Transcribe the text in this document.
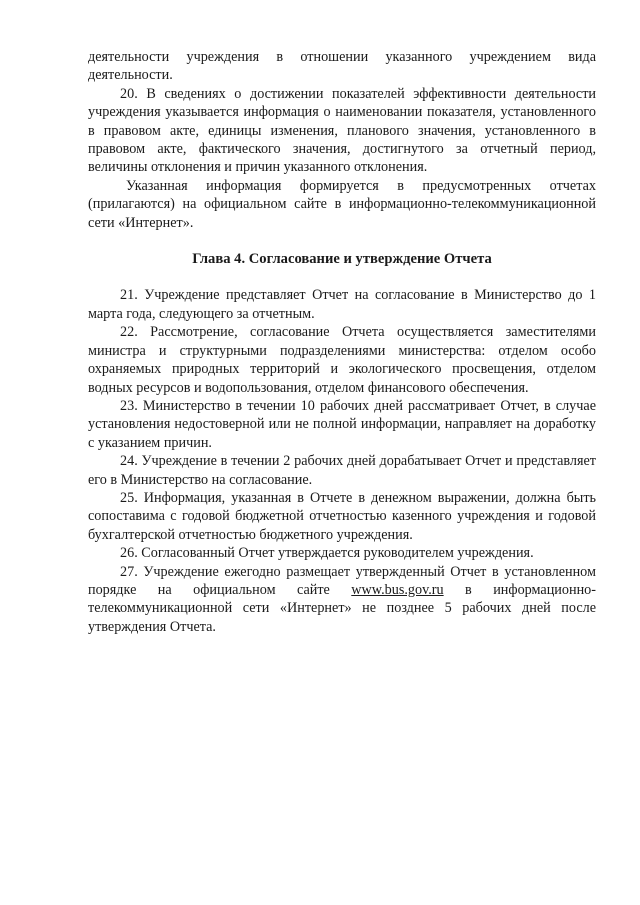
деятельности учреждения в отношении указанного учреждением вида деятельности.

20. В сведениях о достижении показателей эффективности деятельности учреждения указывается информация о наименовании показателя, установленного в правовом акте, единицы изменения, планового значения, установленного в правовом акте, фактического значения, достигнутого за отчетный период, величины отклонения и причин указанного отклонения.

Указанная информация формируется в предусмотренных отчетах (прилагаются) на официальном сайте в информационно-телекоммуникационной сети «Интернет».

Глава 4. Согласование и утверждение Отчета

21. Учреждение представляет Отчет на согласование в Министерство до 1 марта года, следующего за отчетным.

22. Рассмотрение, согласование Отчета осуществляется заместителями министра и структурными подразделениями министерства: отделом особо охраняемых природных территорий и экологического просвещения, отделом водных ресурсов и водопользования, отделом финансового обеспечения.

23. Министерство в течении 10 рабочих дней рассматривает Отчет, в случае установления недостоверной или не полной информации, направляет на доработку с указанием причин.

24. Учреждение в течении 2 рабочих дней дорабатывает Отчет и представляет его в Министерство на согласование.

25. Информация, указанная в Отчете в денежном выражении, должна быть сопоставима с годовой бюджетной отчетностью казенного учреждения и годовой бухгалтерской отчетностью бюджетного учреждения.

26. Согласованный Отчет утверждается руководителем учреждения.

27. Учреждение ежегодно размещает утвержденный Отчет в установленном порядке на официальном сайте www.bus.gov.ru в информационно-телекоммуникационной сети «Интернет» не позднее 5 рабочих дней после утверждения Отчета.
